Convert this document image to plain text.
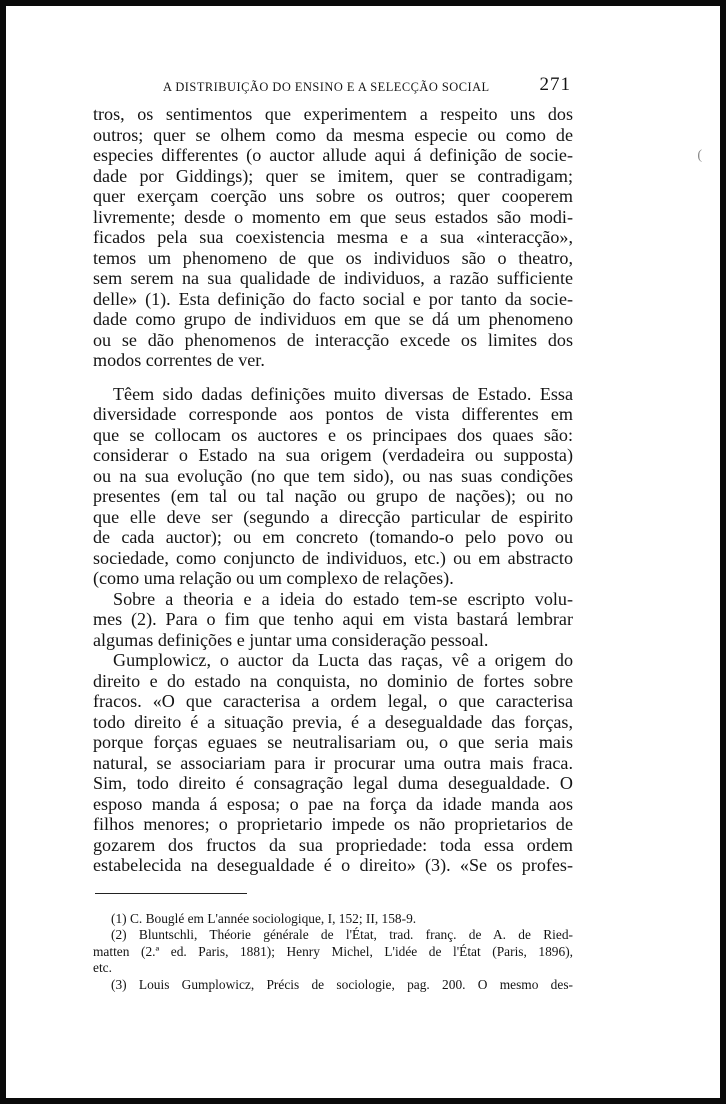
(
A DISTRIBUIÇÃO DO ENSINO E A SELECÇÃO SOCIAL	271
tros, os sentimentos que experimentem a respeito uns dos
outros; quer se olhem como da mesma especie ou como de
especies differentes (o auctor allude aqui á definição de socie-
dade por Giddings); quer se imitem, quer se contradigam;
quer exerçam coerção uns sobre os outros; quer cooperem
livremente; desde o momento em que seus estados são modi-
ficados pela sua coexistencia mesma e a sua «interacção»,
temos um phenomeno de que os individuos são o theatro,
sem serem na sua qualidade de individuos, a razão sufficiente
delle» (1). Esta definição do facto social e por tanto da socie-
dade como grupo de individuos em que se dá um phenomeno
ou se dão phenomenos de interacção excede os limites dos
modos correntes de ver.
Têem sido dadas definições muito diversas de Estado. Essa
diversidade corresponde aos pontos de vista differentes em
que se collocam os auctores e os principaes dos quaes são:
considerar o Estado na sua origem (verdadeira ou supposta)
ou na sua evolução (no que tem sido), ou nas suas condições
presentes (em tal ou tal nação ou grupo de nações); ou no
que elle deve ser (segundo a direcção particular de espirito
de cada auctor); ou em concreto (tomando-o pelo povo ou
sociedade, como conjuncto de individuos, etc.) ou em abstracto
(como uma relação ou um complexo de relações).
Sobre a theoria e a ideia do estado tem-se escripto volu-
mes (2). Para o fim que tenho aqui em vista bastará lembrar
algumas definições e juntar uma consideração pessoal.
Gumplowicz, o auctor da Lucta das raças, vê a origem do
direito e do estado na conquista, no dominio de fortes sobre
fracos. «O que caracterisa a ordem legal, o que caracterisa
todo direito é a situação previa, é a desegualdade das forças,
porque forças eguaes se neutralisariam ou, o que seria mais
natural, se associariam para ir procurar uma outra mais fraca.
Sim, todo direito é consagração legal duma desegualdade. O
esposo manda á esposa; o pae na força da idade manda aos
filhos menores; o proprietario impede os não proprietarios de
gozarem dos fructos da sua propriedade: toda essa ordem
estabelecida na desegualdade é o direito» (3). «Se os profes-
(1) C. Bouglé em L'année sociologique, I, 152; II, 158-9.
(2) Bluntschli, Théorie générale de l'État, trad. franç. de A. de Ried-
matten (2.ª ed. Paris, 1881); Henry Michel, L'idée de l'État (Paris, 1896),
etc.
(3) Louis Gumplowicz, Précis de sociologie, pag. 200. O mesmo des-
